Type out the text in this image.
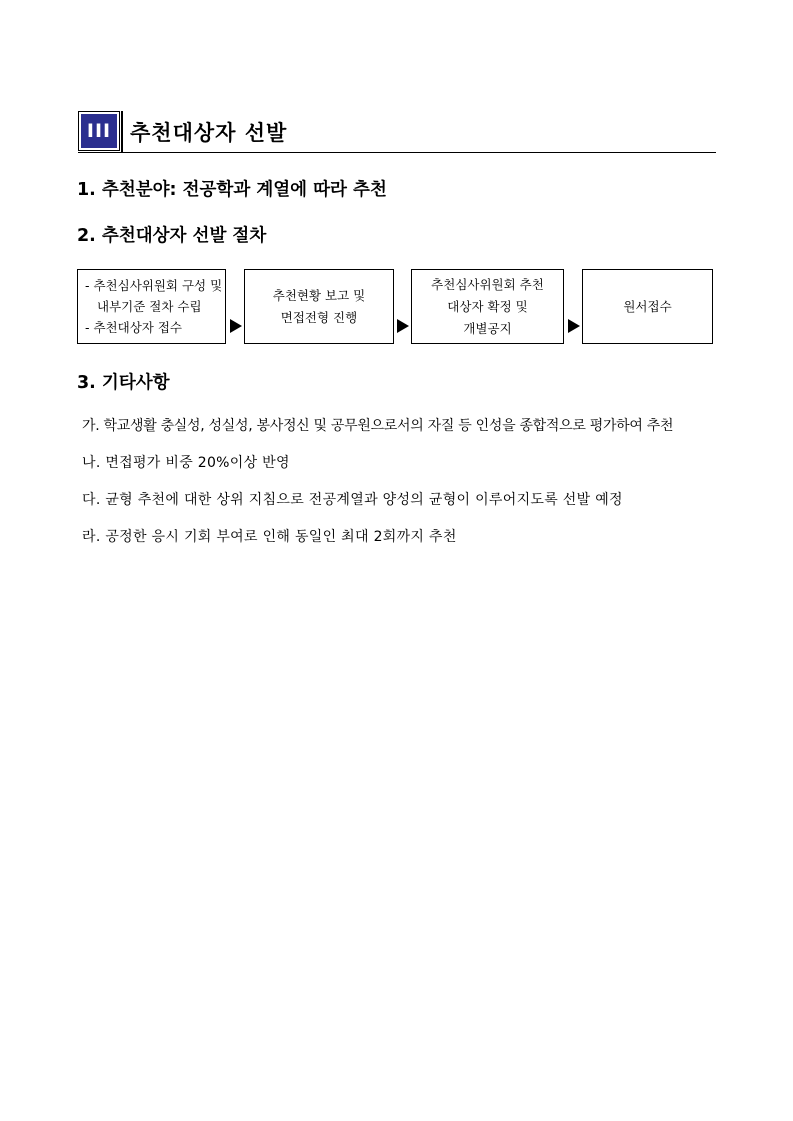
III 추천대상자 선발
1. 추천분야: 전공학과 계열에 따라 추천
2. 추천대상자 선발 절차
- 추천심사위원회 구성 및
내부기준 절차 수립
- 추천대상자 접수
추천현황 보고 및
면접전형 진행
추천심사위원회 추천
대상자 확정 및
개별공지
원서접수
3. 기타사항
가. 학교생활 충실성, 성실성, 봉사정신 및 공무원으로서의 자질 등 인성을 종합적으로 평가하여 추천
나. 면접평가 비중 20%이상 반영
다. 균형 추천에 대한 상위 지침으로 전공계열과 양성의 균형이 이루어지도록 선발 예정
라. 공정한 응시 기회 부여로 인해 동일인 최대 2회까지 추천
